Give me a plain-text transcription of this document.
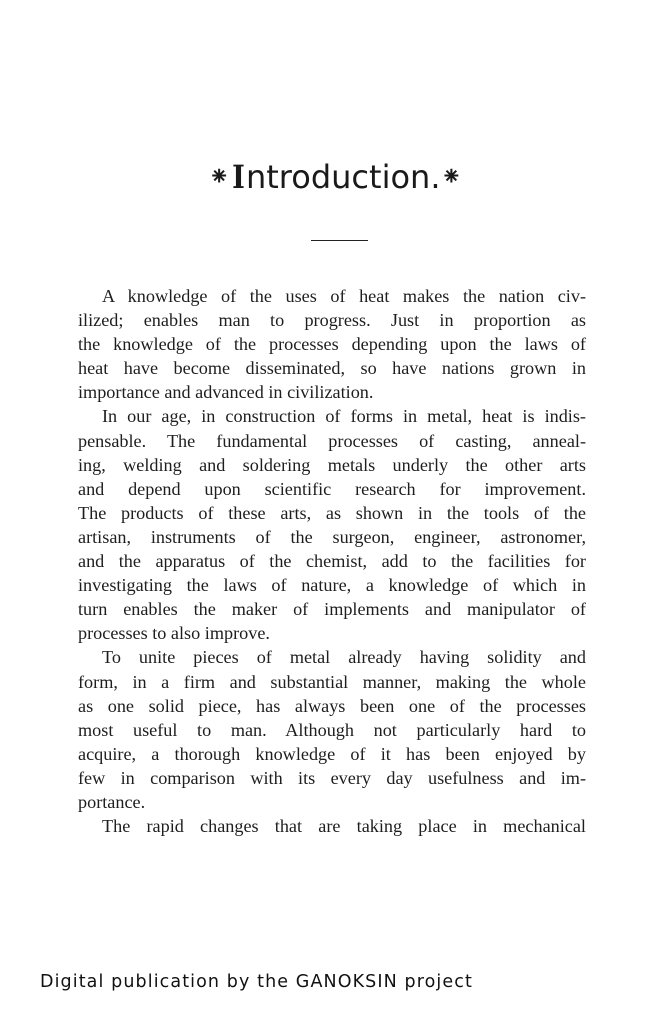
⁕Introduction.⁕
A knowledge of the uses of heat makes the nation civ-
ilized; enables man to progress. Just in proportion as
the knowledge of the processes depending upon the laws of
heat have become disseminated, so have nations grown in
importance and advanced in civilization.
In our age, in construction of forms in metal, heat is indis-
pensable. The fundamental processes of casting, anneal-
ing, welding and soldering metals underly the other arts
and depend upon scientific research for improvement.
The products of these arts, as shown in the tools of the
artisan, instruments of the surgeon, engineer, astronomer,
and the apparatus of the chemist, add to the facilities for
investigating the laws of nature, a knowledge of which in
turn enables the maker of implements and manipulator of
processes to also improve.
To unite pieces of metal already having solidity and
form, in a firm and substantial manner, making the whole
as one solid piece, has always been one of the processes
most useful to man. Although not particularly hard to
acquire, a thorough knowledge of it has been enjoyed by
few in comparison with its every day usefulness and im-
portance.
The rapid changes that are taking place in mechanical
Digital publication by the GANOKSIN project
